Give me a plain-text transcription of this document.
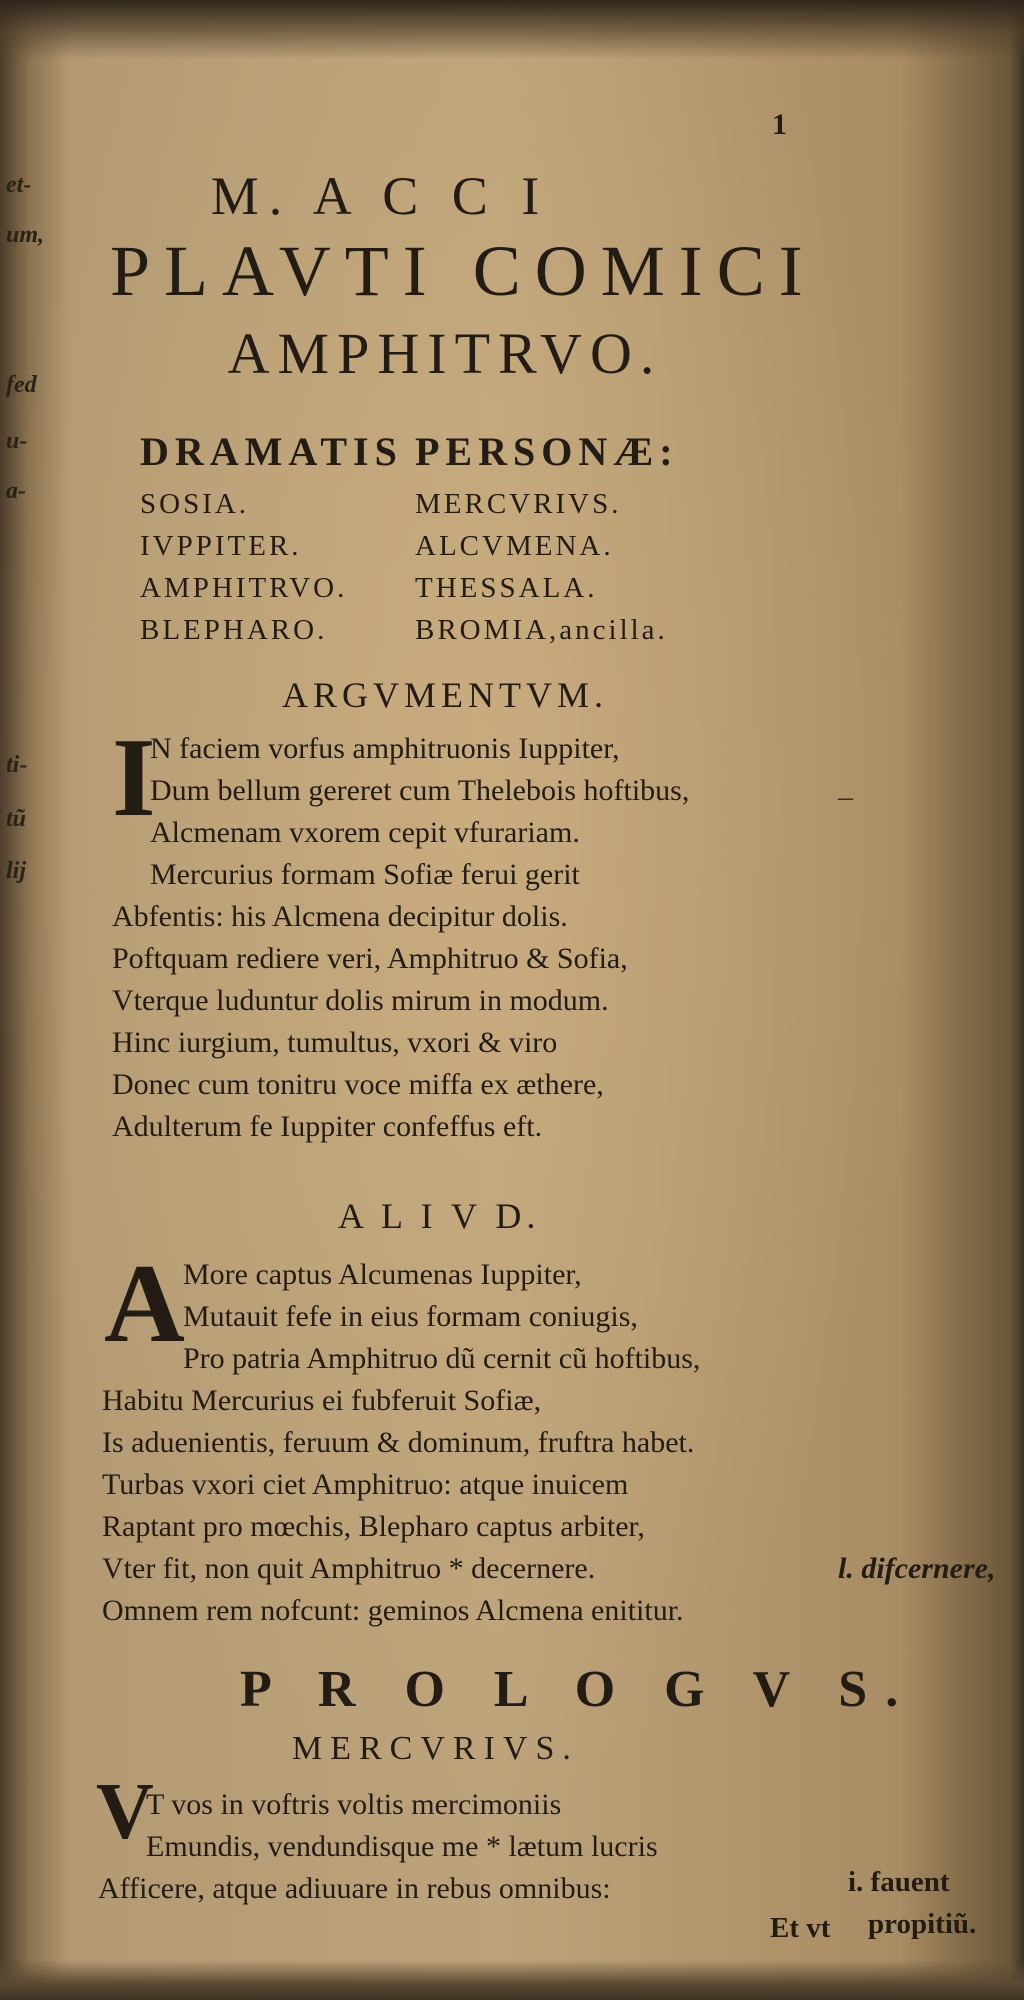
et-
um,
fed
u-
a-
ti-
tũ
lij
1
M. A C C I
PLAVTI COMICI
AMPHITRVO.
DRAMATIS PERSONÆ:
SOSIA.
IVPPITER.
AMPHITRVO.
BLEPHARO.
MERCVRIVS.
ALCVMENA.
THESSALA.
BROMIA,ancilla.
ARGVMENTVM.
I
N faciem vorfus amphitruonis Iuppiter,
Dum bellum gereret cum Thelebois hoftibus,
Alcmenam vxorem cepit vfurariam.
Mercurius formam Sofiæ ferui gerit
Abfentis: his Alcmena decipitur dolis.
Poftquam rediere veri, Amphitruo & Sofia,
Vterque luduntur dolis mirum in modum.
Hinc iurgium, tumultus, vxori & viro
Donec cum tonitru voce miffa ex æthere,
Adulterum fe Iuppiter confeffus eft.
–
A L I V D.
A
More captus Alcumenas Iuppiter,
Mutauit fefe in eius formam coniugis,
Pro patria Amphitruo dũ cernit cũ hoftibus,
Habitu Mercurius ei fubferuit Sofiæ,
Is aduenientis, feruum & dominum, fruftra habet.
Turbas vxori ciet Amphitruo: atque inuicem
Raptant pro mœchis, Blepharo captus arbiter,
Vter fit, non quit Amphitruo * decernere.
Omnem rem nofcunt: geminos Alcmena enititur.
l. difcernere,
P R O L O G V S.
MERCVRIVS.
V
T vos in voftris voltis mercimoniis
Emundis, vendundisque me * lætum lucris
Afficere, atque adiuuare in rebus omnibus:	i. fauent
Et vt propitiũ.
